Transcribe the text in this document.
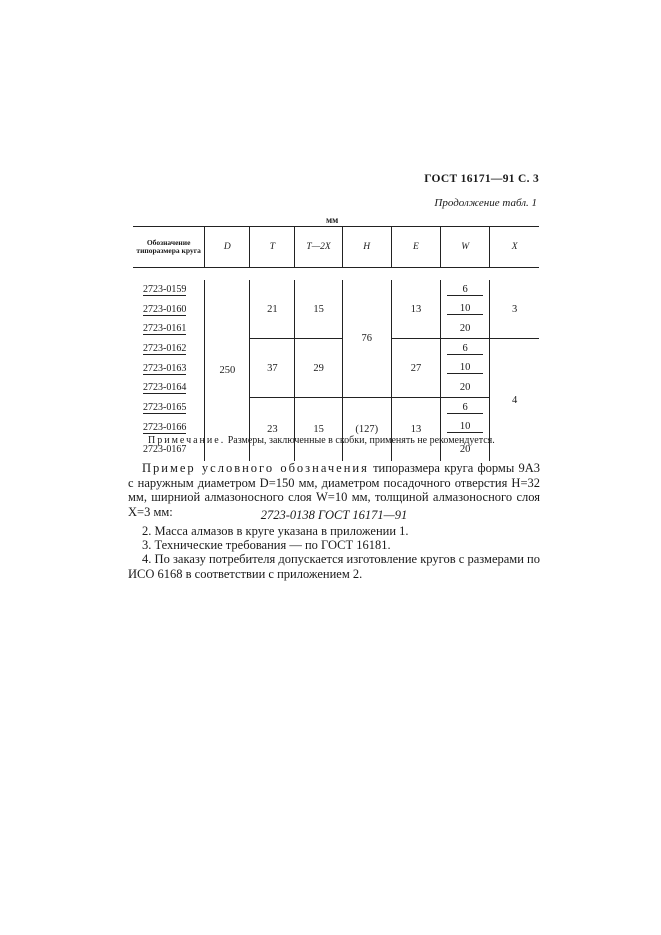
ГОСТ 16171—91 С. 3
Продолжение табл. 1
мм
Обозначение типоразмера круга	D	T	T—2X	H	E	W	X

2723-0159	250	21	15	76	13	6	3
2723-0160						10	
2723-0161						20	
2723-0162		37	29		27	6	4
2723-0163						10	
2723-0164						20	
2723-0165		23	15	(127)	13	6	
2723-0166						10	
2723-0167						20	
Примечание. Размеры, заключенные в скобки, применять не рекомендуется.
Пример условного обозначения типоразмера круга формы 9А3 с наружным диаметром D=150 мм, диаметром посадочного отверстия H=32 мм, ширниой алмазоносного слоя W=10 мм, толщиной алмазоносного слоя X=3 мм:	2723-0138 ГОСТ 16171—91
2. Масса алмазов в круге указана в приложении 1.
3. Технические требования — по ГОСТ 16181.
4. По заказу потребителя допускается изготовление кругов с размерами по ИСО 6168 в соответствии с приложением 2.
